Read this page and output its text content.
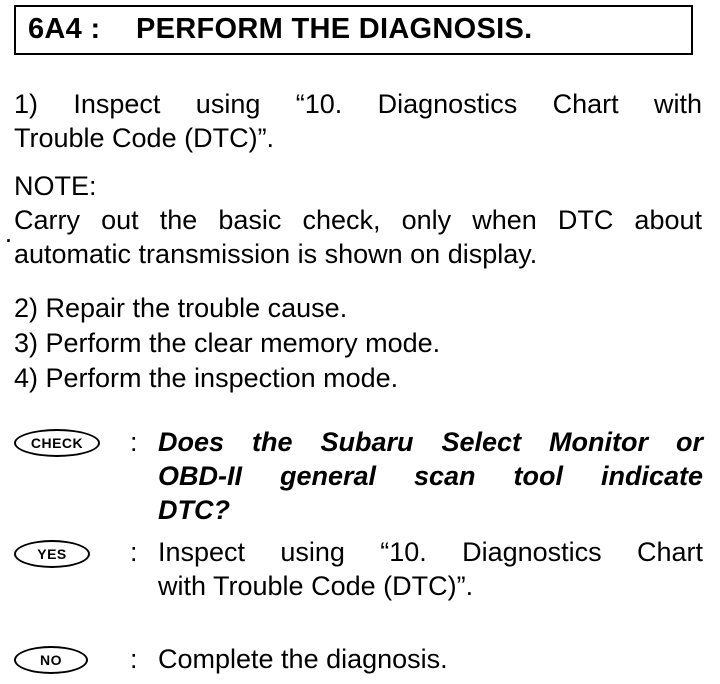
6A4 : PERFORM THE DIAGNOSIS.
1) Inspect using “10. Diagnostics Chart with
Trouble Code (DTC)”.
NOTE:
·
Carry out the basic check, only when DTC about
automatic transmission is shown on display.
2) Repair the trouble cause.
3) Perform the clear memory mode.
4) Perform the inspection mode.
CHECK	: Does the Subaru Select Monitor or
OBD-II general scan tool indicate
DTC?
YES	: Inspect using “10. Diagnostics Chart
with Trouble Code (DTC)”.
NO	: Complete the diagnosis.
